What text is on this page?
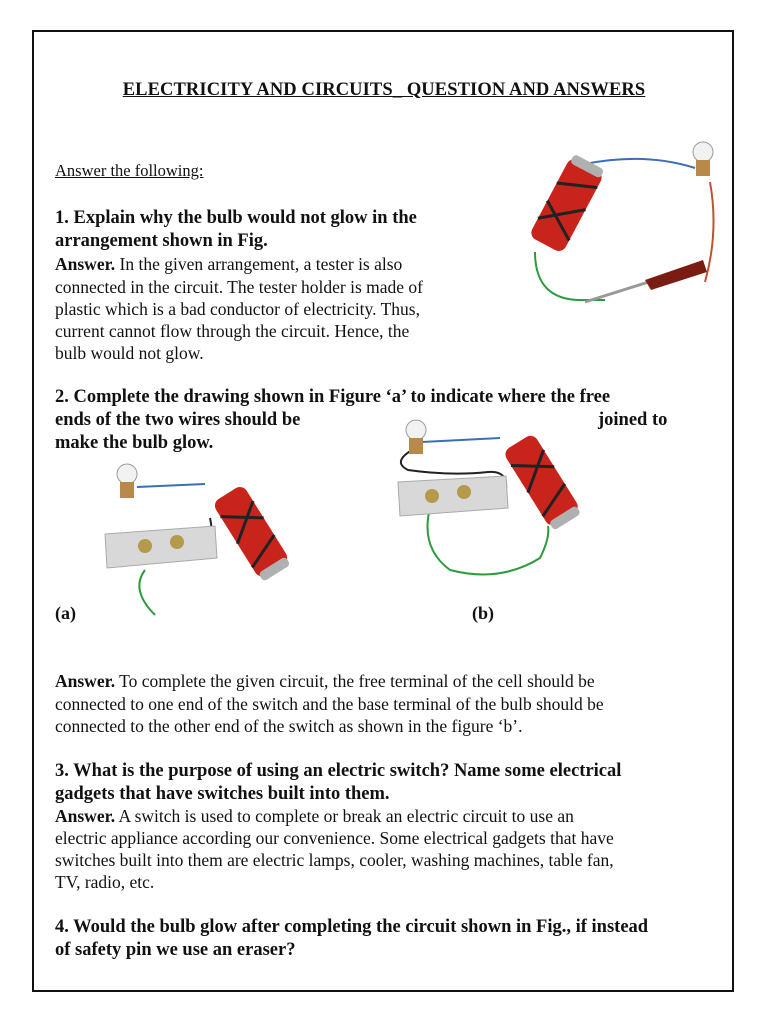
ELECTRICITY AND CIRCUITS_ QUESTION AND ANSWERS
Answer the following:
1. Explain why the bulb would not glow in the
arrangement shown in Fig.
Answer. In the given arrangement, a tester is also
connected in the circuit. The tester holder is made of
plastic which is a bad conductor of electricity. Thus,
current cannot flow through the circuit. Hence, the
bulb would not glow.
2. Complete the drawing shown in Figure ‘a’ to indicate where the free
ends of the two wires should be	joined to
make the bulb glow.
(a)	(b)
Answer. To complete the given circuit, the free terminal of the cell should be
connected to one end of the switch and the base terminal of the bulb should be
connected to the other end of the switch as shown in the figure ‘b’.
3. What is the purpose of using an electric switch? Name some electrical
gadgets that have switches built into them.
Answer. A switch is used to complete or break an electric circuit to use an
electric appliance according our convenience. Some electrical gadgets that have
switches built into them are electric lamps, cooler, washing machines, table fan,
TV, radio, etc.
4. Would the bulb glow after completing the circuit shown in Fig., if instead
of safety pin we use an eraser?
